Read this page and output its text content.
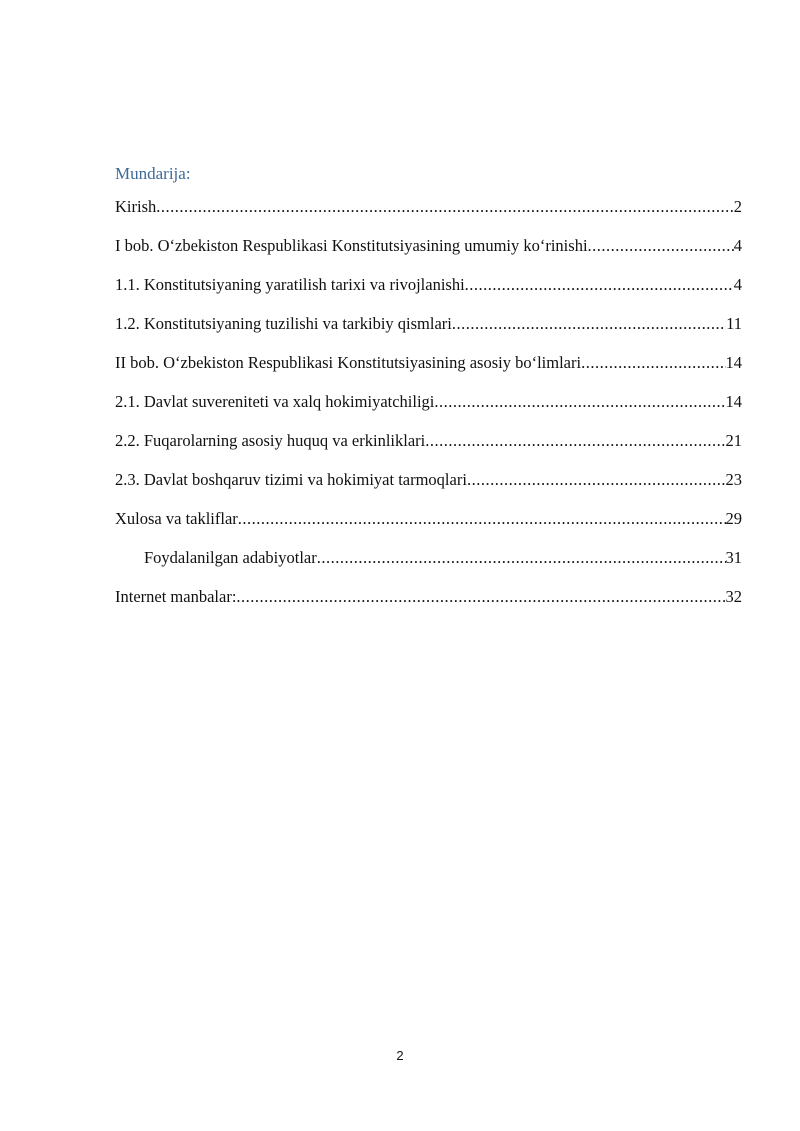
Mundarija:
Kirish .....	2
I bob. O‘zbekiston Respublikasi Konstitutsiyasining umumiy ko‘rinishi .....	4
1.1. Konstitutsiyaning yaratilish tarixi va rivojlanishi .....	4
1.2. Konstitutsiyaning tuzilishi va tarkibiy qismlari .....	11
II bob. O‘zbekiston Respublikasi Konstitutsiyasining asosiy bo‘limlari .....	14
2.1. Davlat suvereniteti va xalq hokimiyatchiligi .....	14
2.2. Fuqarolarning asosiy huquq va erkinliklari .....	21
2.3. Davlat boshqaruv tizimi va hokimiyat tarmoqlari .....	23
Xulosa va takliflar .....	29
Foydalanilgan adabiyotlar .....	31
Internet manbalar: .....	32
2
